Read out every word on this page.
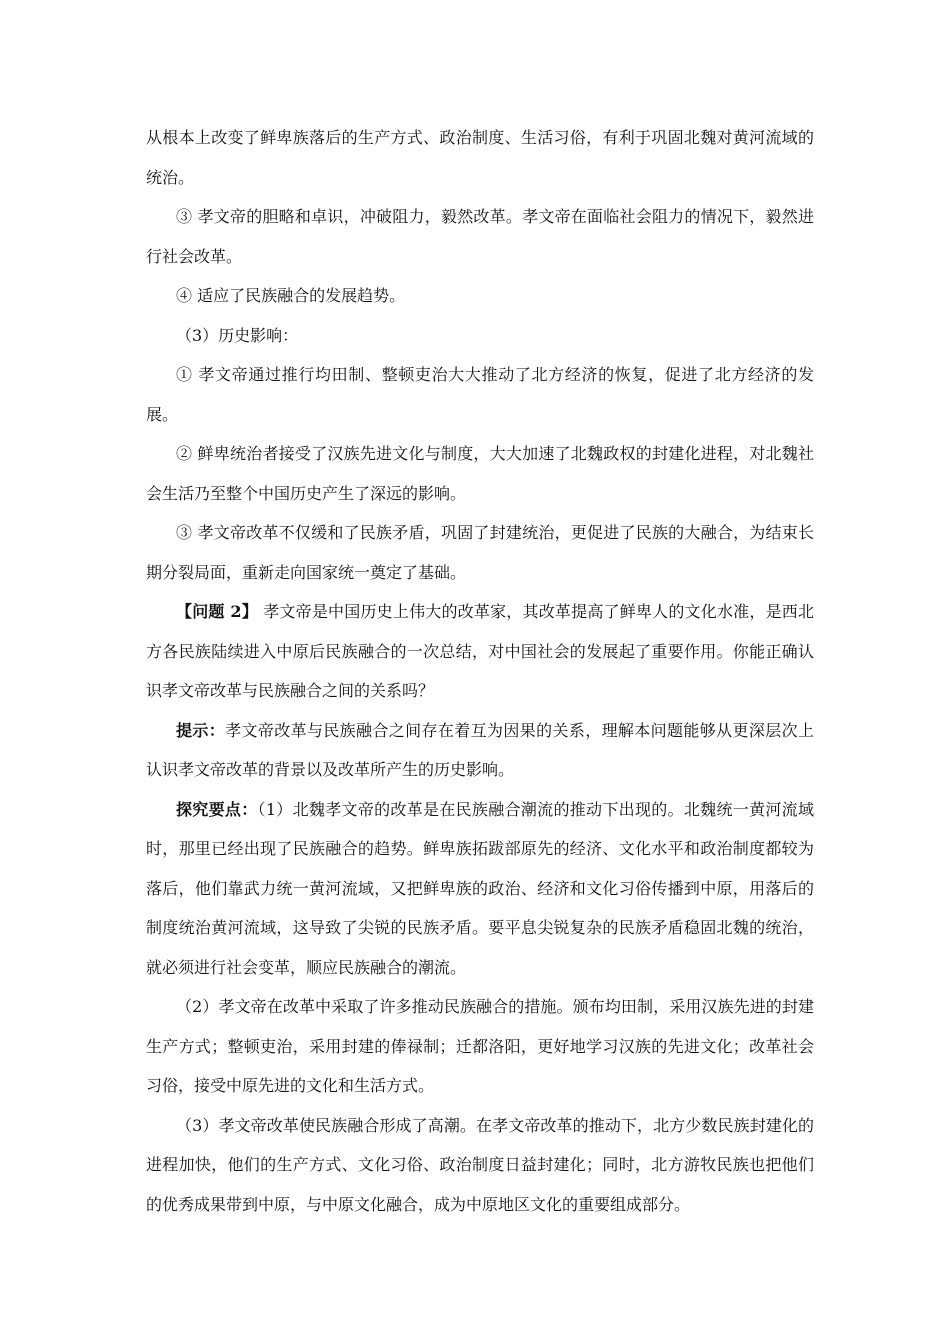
从根本上改变了鲜卑族落后的生产方式、政治制度、生活习俗，有利于巩固北魏对黄河流域的统治。

③ 孝文帝的胆略和卓识，冲破阻力，毅然改革。孝文帝在面临社会阻力的情况下，毅然进行社会改革。

④ 适应了民族融合的发展趋势。

（3）历史影响：

① 孝文帝通过推行均田制、整顿吏治大大推动了北方经济的恢复，促进了北方经济的发展。

② 鲜卑统治者接受了汉族先进文化与制度，大大加速了北魏政权的封建化进程，对北魏社会生活乃至整个中国历史产生了深远的影响。

③ 孝文帝改革不仅缓和了民族矛盾，巩固了封建统治，更促进了民族的大融合，为结束长期分裂局面，重新走向国家统一奠定了基础。

【问题 2】 孝文帝是中国历史上伟大的改革家，其改革提高了鲜卑人的文化水准，是西北方各民族陆续进入中原后民族融合的一次总结，对中国社会的发展起了重要作用。你能正确认识孝文帝改革与民族融合之间的关系吗？

提示：孝文帝改革与民族融合之间存在着互为因果的关系，理解本问题能够从更深层次上认识孝文帝改革的背景以及改革所产生的历史影响。

探究要点：（1）北魏孝文帝的改革是在民族融合潮流的推动下出现的。北魏统一黄河流域时，那里已经出现了民族融合的趋势。鲜卑族拓跋部原先的经济、文化水平和政治制度都较为落后，他们靠武力统一黄河流域，又把鲜卑族的政治、经济和文化习俗传播到中原，用落后的制度统治黄河流域，这导致了尖锐的民族矛盾。要平息尖锐复杂的民族矛盾稳固北魏的统治，就必须进行社会变革，顺应民族融合的潮流。

（2）孝文帝在改革中采取了许多推动民族融合的措施。颁布均田制，采用汉族先进的封建生产方式；整顿吏治，采用封建的俸禄制；迁都洛阳，更好地学习汉族的先进文化；改革社会习俗，接受中原先进的文化和生活方式。

（3）孝文帝改革使民族融合形成了高潮。在孝文帝改革的推动下，北方少数民族封建化的进程加快，他们的生产方式、文化习俗、政治制度日益封建化；同时，北方游牧民族也把他们的优秀成果带到中原，与中原文化融合，成为中原地区文化的重要组成部分。
